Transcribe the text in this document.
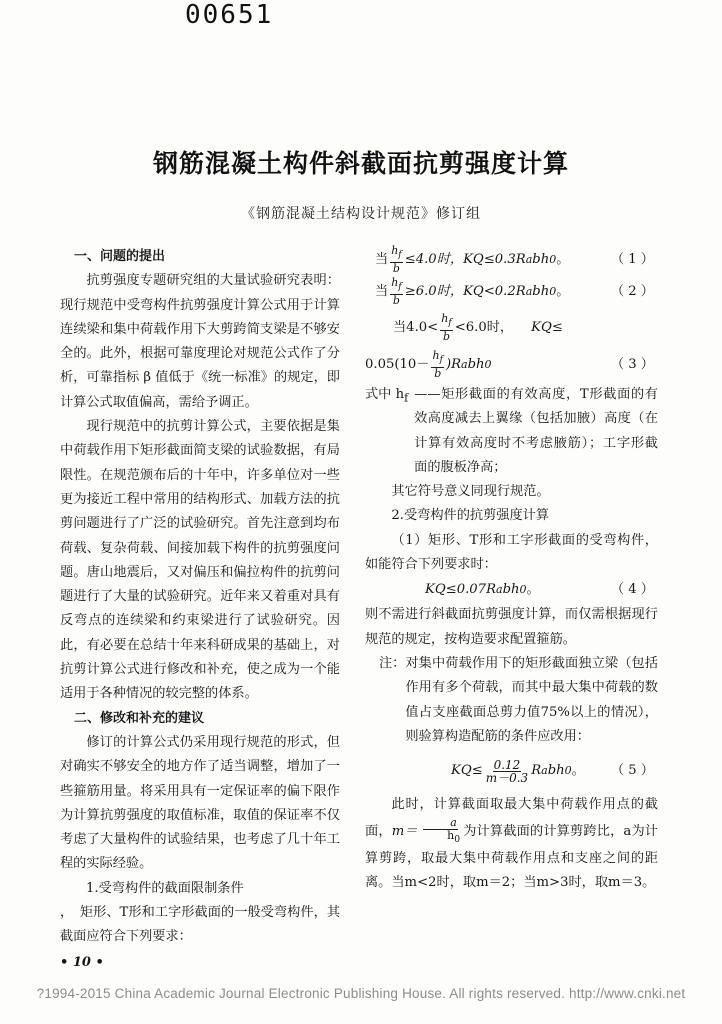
00651
钢筋混凝土构件斜截面抗剪强度计算
《钢筋混凝土结构设计规范》修订组
一、问题的提出
抗剪强度专题研究组的大量试验研究表明：现行规范中受弯构件抗剪强度计算公式用于计算连续梁和集中荷载作用下大剪跨简支梁是不够安全的。此外，根据可靠度理论对规范公式作了分析，可靠指标 β 值低于《统一标准》的规定，即计算公式取值偏高，需给予调正。
现行规范中的抗剪计算公式，主要依据是集中荷载作用下矩形截面简支梁的试验数据，有局限性。在规范颁布后的十年中，许多单位对一些更为接近工程中常用的结构形式、加载方法的抗剪问题进行了广泛的试验研究。首先注意到均布荷载、复杂荷载、间接加载下构件的抗剪强度问题。唐山地震后，又对偏压和偏拉构件的抗剪问题进行了大量的试验研究。近年来又着重对具有反弯点的连续梁和约束梁进行了试验研究。因此，有必要在总结十年来科研成果的基础上，对抗剪计算公式进行修改和补充，使之成为一个能适用于各种情况的较完整的体系。
二、修改和补充的建议
修订的计算公式仍采用现行规范的形式，但对确实不够安全的地方作了适当调整，增加了一些箍筋用量。将采用具有一定保证率的偏下限作为计算抗剪强度的取值标准，取值的保证率不仅考虑了大量构件的试验结果，也考虑了几十年工程的实际经验。
1.受弯构件的截面限制条件
，　 矩形、T形和工字形截面的一般受弯构件，其截面应符合下列要求：
当 $\frac{h_f}{b} \le 4.0$时，KQ≤0.3R a bh 0 。	（ 1 ）
当 $\frac{h_f}{b} \ge 6.0$时，KQ<0.2R a bh 0 。	（ 2 ）
当$4.0< \frac{h_f}{b} <6.0$时， KQ≤
$0.05(10- \frac{h_f}{b} )R$ a bh 0	（ 3 ）
式中 $h_f$ ——矩形截面的有效高度，T形截面的有效高度减去上翼缘（包括加腋）高度（在计算有效高度时不考虑腋筋）；工字形截面的腹板净高；
其它符号意义同现行规范。
2.受弯构件的抗剪强度计算
（1）矩形、T形和工字形截面的受弯构件，如能符合下列要求时：
KQ≤0.07R a bh 0 。	（ 4 ）
则不需进行斜截面抗剪强度计算，而仅需根据现行规范的规定，按构造要求配置箍筋。
注： 对集中荷载作用下的矩形截面独立梁（包括作用有多个荷载，而其中最大集中荷载的数值占支座截面总剪力值75%以上的情况），则验算构造配筋的条件应改用：
$KQ\le \frac{0.12}{m-0.3}$ R a bh 0 。 （ 5 ）
此时，计算截面取最大集中荷载作用点的截面，$m= \frac{a}{h_0}$ 为计算截面的计算剪跨比，a为计算剪跨，取最大集中荷载作用点和支座之间的距离。当m<2时，取m＝2；当m>3时，取m＝3。
• 10 •
?1994-2015 China Academic Journal Electronic Publishing House. All rights reserved. http://www.cnki.net
